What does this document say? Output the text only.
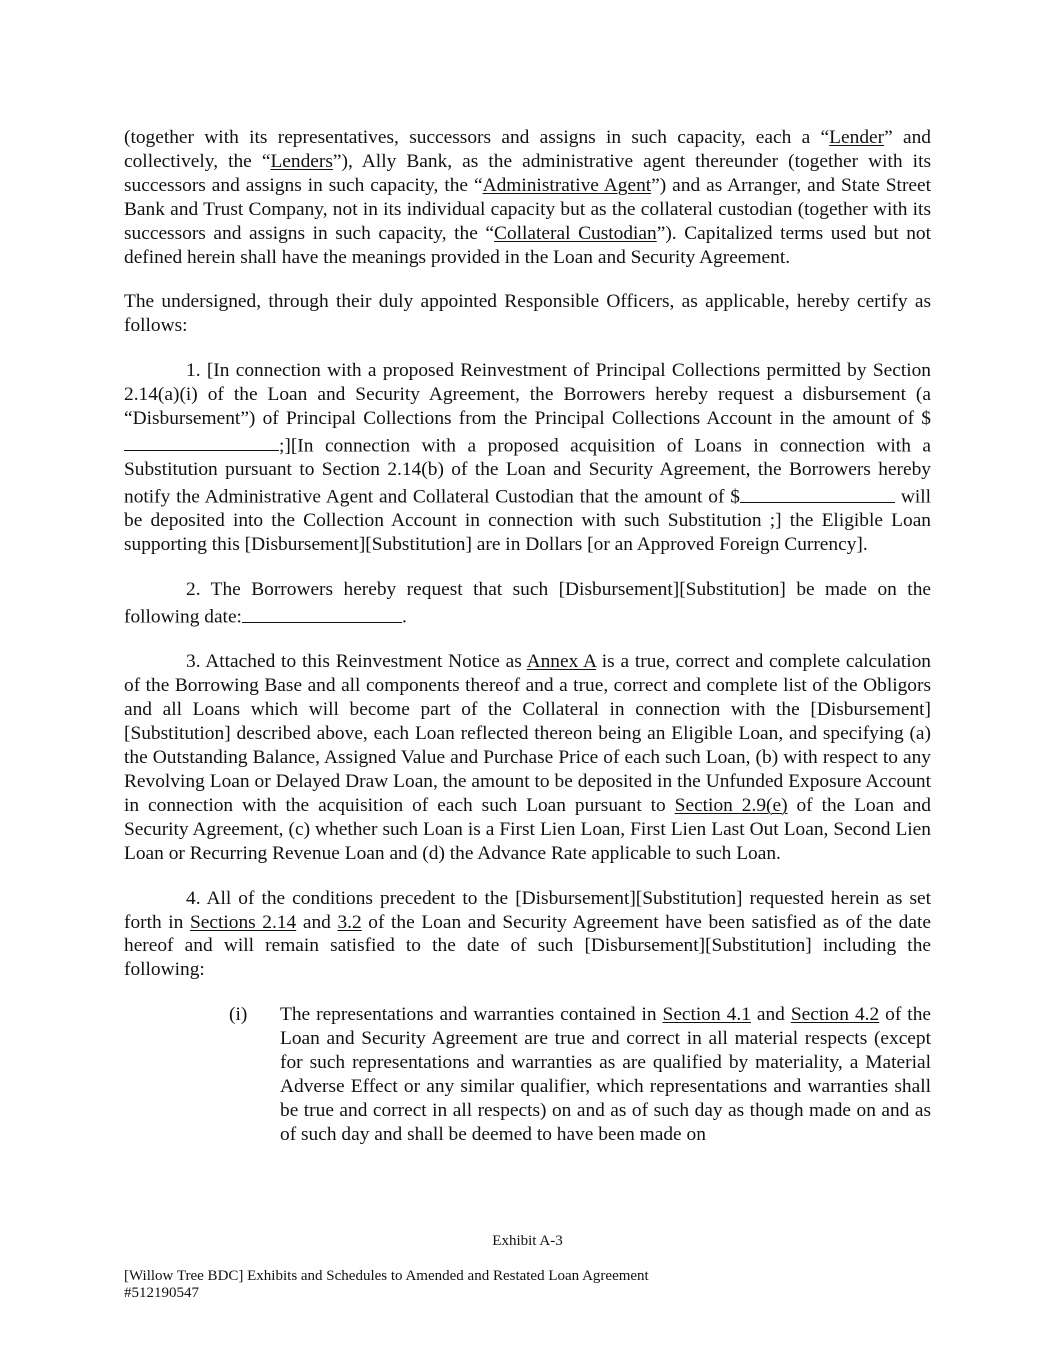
(together with its representatives, successors and assigns in such capacity, each a “Lender” and collectively, the “Lenders”), Ally Bank, as the administrative agent thereunder (together with its successors and assigns in such capacity, the “Administrative Agent”) and as Arranger, and State Street Bank and Trust Company, not in its individual capacity but as the collateral custodian (together with its successors and assigns in such capacity, the “Collateral Custodian”). Capitalized terms used but not defined herein shall have the meanings provided in the Loan and Security Agreement.

The undersigned, through their duly appointed Responsible Officers, as applicable, hereby certify as follows:

1. [In connection with a proposed Reinvestment of Principal Collections permitted by Section 2.14(a)(i) of the Loan and Security Agreement, the Borrowers hereby request a disbursement (a “Disbursement”) of Principal Collections from the Principal Collections Account in the amount of $;][In connection with a proposed acquisition of Loans in connection with a Substitution pursuant to Section 2.14(b) of the Loan and Security Agreement, the Borrowers hereby notify the Administrative Agent and Collateral Custodian that the amount of $	will be deposited into the Collection Account in connection with such Substitution ;] the Eligible Loan supporting this [Disbursement][Substitution] are in Dollars [or an Approved Foreign Currency].

2. The Borrowers hereby request that such [Disbursement][Substitution] be made on the following date:	.

3. Attached to this Reinvestment Notice as Annex A is a true, correct and complete calculation of the Borrowing Base and all components thereof and a true, correct and complete list of the Obligors and all Loans which will become part of the Collateral in connection with the [Disbursement][Substitution] described above, each Loan reflected thereon being an Eligible Loan, and specifying (a) the Outstanding Balance, Assigned Value and Purchase Price of each such Loan, (b) with respect to any Revolving Loan or Delayed Draw Loan, the amount to be deposited in the Unfunded Exposure Account in connection with the acquisition of each such Loan pursuant to Section 2.9(e) of the Loan and Security Agreement, (c) whether such Loan is a First Lien Loan, First Lien Last Out Loan, Second Lien Loan or Recurring Revenue Loan and (d) the Advance Rate applicable to such Loan.

4. All of the conditions precedent to the [Disbursement][Substitution] requested herein as set forth in Sections 2.14 and 3.2 of the Loan and Security Agreement have been satisfied as of the date hereof and will remain satisfied to the date of such [Disbursement][Substitution] including the following:

(i) The representations and warranties contained in Section 4.1 and Section 4.2 of the Loan and Security Agreement are true and correct in all material respects (except for such representations and warranties as are qualified by materiality, a Material Adverse Effect or any similar qualifier, which representations and warranties shall be true and correct in all respects) on and as of such day as though made on and as of such day and shall be deemed to have been made on

Exhibit A-3
[Willow Tree BDC] Exhibits and Schedules to Amended and Restated Loan Agreement
#512190547
